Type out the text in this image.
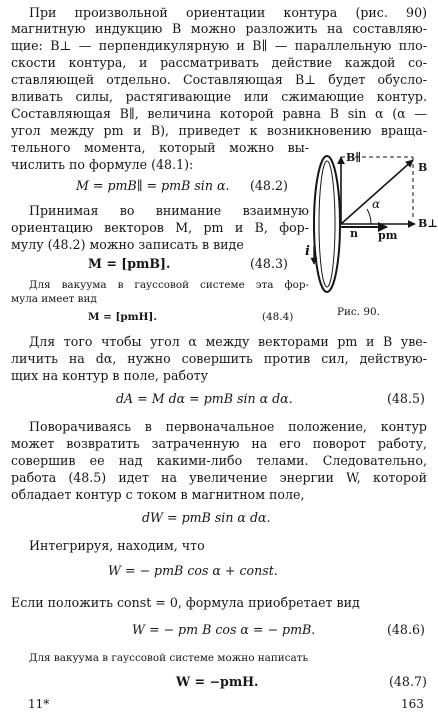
При произвольной ориентации контура (рис. 90)
магнитную индукцию B можно разложить на составляю-
щие: B⊥ — перпендикулярную и B∥ — параллельную пло-
скости контура, и рассматривать действие каждой со-
ставляющей отдельно. Составляющая B⊥ будет обусло-
вливать силы, растягивающие или сжимающие контур.
Составляющая B∥, величина которой равна B sin α (α —
угол между pm и B), приведет к возникновению враща-
тельного момента, который можно вы-
числить по формуле (48.1):
M = pmB∥ = pmB sin α. (48.2)
Принимая во внимание взаимную
ориентацию векторов M, pm и B, фор-
мулу (48.2) можно записать в виде
M = [pmB].	(48.3)
Для вакуума в гауссовой системе эта фор-
мула имеет вид
M = [pmH].	(48.4)
B∥
B
B⊥
n pm
α
i
Рис. 90.
Для того чтобы угол α между векторами pm и B уве-
личить на dα, нужно совершить против сил, действую-
щих на контур в поле, работу
dA = M dα = pmB sin α dα.	(48.5)
Поворачиваясь в первоначальное положение, контур
может возвратить затраченную на его поворот работу,
совершив ее над какими-либо телами. Следовательно,
работа (48.5) идет на увеличение энергии W, которой
обладает контур с током в магнитном поле,
dW = pmB sin α dα.
Интегрируя, находим, что
W = − pmB cos α + const.
Если положить const = 0, формула приобретает вид
W = − pm B cos α = − pmB.	(48.6)
Для вакуума в гауссовой системе можно написать
W = −pmH.	(48.7)
11*	163
